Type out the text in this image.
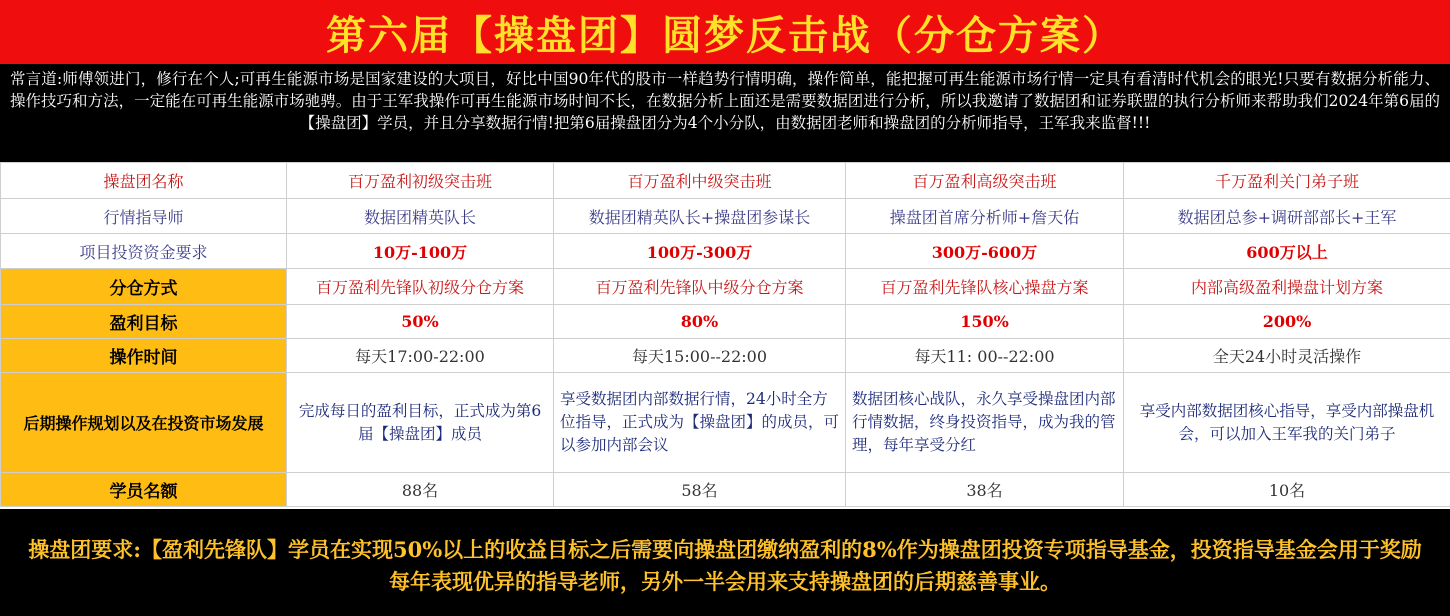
第六届【操盘团】圆梦反击战（分仓方案）
常言道:师傅领进门，修行在个人;可再生能源市场是国家建设的大项目，好比中国90年代的股市一样趋势行情明确，操作简单，能把握可再生能源市场行情一定具有看清时代机会的眼光!只要有数据分析能力、操作技巧和方法，一定能在可再生能源市场驰骋。由于王军我操作可再生能源市场时间不长，在数据分析上面还是需要数据团进行分析，所以我邀请了数据团和证券联盟的执行分析师来帮助我们2024年第6届的【操盘团】学员，并且分享数据行情!把第6届操盘团分为4个小分队，由数据团老师和操盘团的分析师指导，王军我来监督!!!
操盘团名称	百万盈利初级突击班	百万盈利中级突击班	百万盈利高级突击班	千万盈利关门弟子班
行情指导师	数据团精英队长	数据团精英队长+操盘团参谋长	操盘团首席分析师+詹天佑	数据团总参+调研部部长+王军
项目投资资金要求	10万-100万	100万-300万	300万-600万	600万以上
分仓方式	百万盈利先锋队初级分仓方案	百万盈利先锋队中级分仓方案	百万盈利先锋队核心操盘方案	内部高级盈利操盘计划方案
盈利目标	50%	80%	150%	200%
操作时间	每天17:00-22:00	每天15:00--22:00	每天11: 00--22:00	全天24小时灵活操作
后期操作规划以及在投资市场发展	完成每日的盈利目标，正式成为第6届【操盘团】成员	享受数据团内部数据行情，24小时全方位指导，正式成为【操盘团】的成员，可以参加内部会议	数据团核心战队，永久享受操盘团内部行情数据，终身投资指导，成为我的管理，每年享受分红	享受内部数据团核心指导，享受内部操盘机会，可以加入王军我的关门弟子
学员名额	88名	58名	38名	10名
操盘团要求:【盈利先锋队】学员在实现50%以上的收益目标之后需要向操盘团缴纳盈利的8%作为操盘团投资专项指导基金，投资指导基金会用于奖励每年表现优异的指导老师，另外一半会用来支持操盘团的后期慈善事业。
